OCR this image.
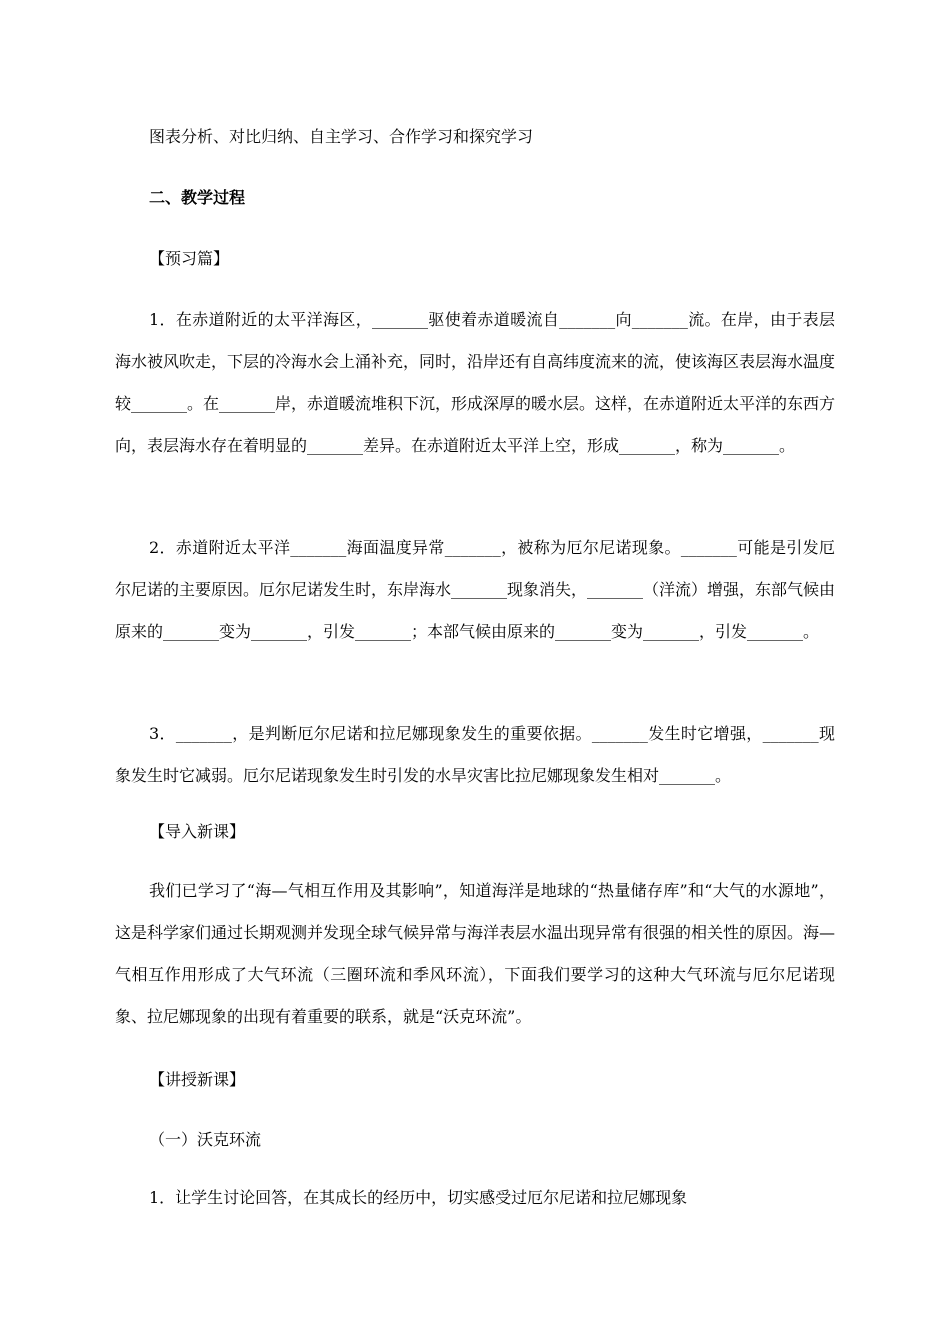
图表分析、对比归纳、自主学习、合作学习和探究学习

二、教学过程

【预习篇】

1．在赤道附近的太平洋海区，_______驱使着赤道暖流自_______向_______流。在岸，由于表层海水被风吹走，下层的冷海水会上涌补充，同时，沿岸还有自高纬度流来的流，使该海区表层海水温度较_______。在_______岸，赤道暖流堆积下沉，形成深厚的暖水层。这样，在赤道附近太平洋的东西方向，表层海水存在着明显的_______差异。在赤道附近太平洋上空，形成_______，称为_______。

2．赤道附近太平洋_______海面温度异常_______，被称为厄尔尼诺现象。_______可能是引发厄尔尼诺的主要原因。厄尔尼诺发生时，东岸海水_______现象消失，_______（洋流）增强，东部气候由原来的_______变为_______，引发_______；本部气候由原来的_______变为_______，引发_______。

3．_______，是判断厄尔尼诺和拉尼娜现象发生的重要依据。_______发生时它增强，_______现象发生时它减弱。厄尔尼诺现象发生时引发的水旱灾害比拉尼娜现象发生相对_______。

【导入新课】

我们已学习了“海—气相互作用及其影响”，知道海洋是地球的“热量储存库”和“大气的水源地”，这是科学家们通过长期观测并发现全球气候异常与海洋表层水温出现异常有很强的相关性的原因。海—气相互作用形成了大气环流（三圈环流和季风环流），下面我们要学习的这种大气环流与厄尔尼诺现象、拉尼娜现象的出现有着重要的联系，就是“沃克环流”。

【讲授新课】

（一）沃克环流

1．让学生讨论回答，在其成长的经历中，切实感受过厄尔尼诺和拉尼娜现象
